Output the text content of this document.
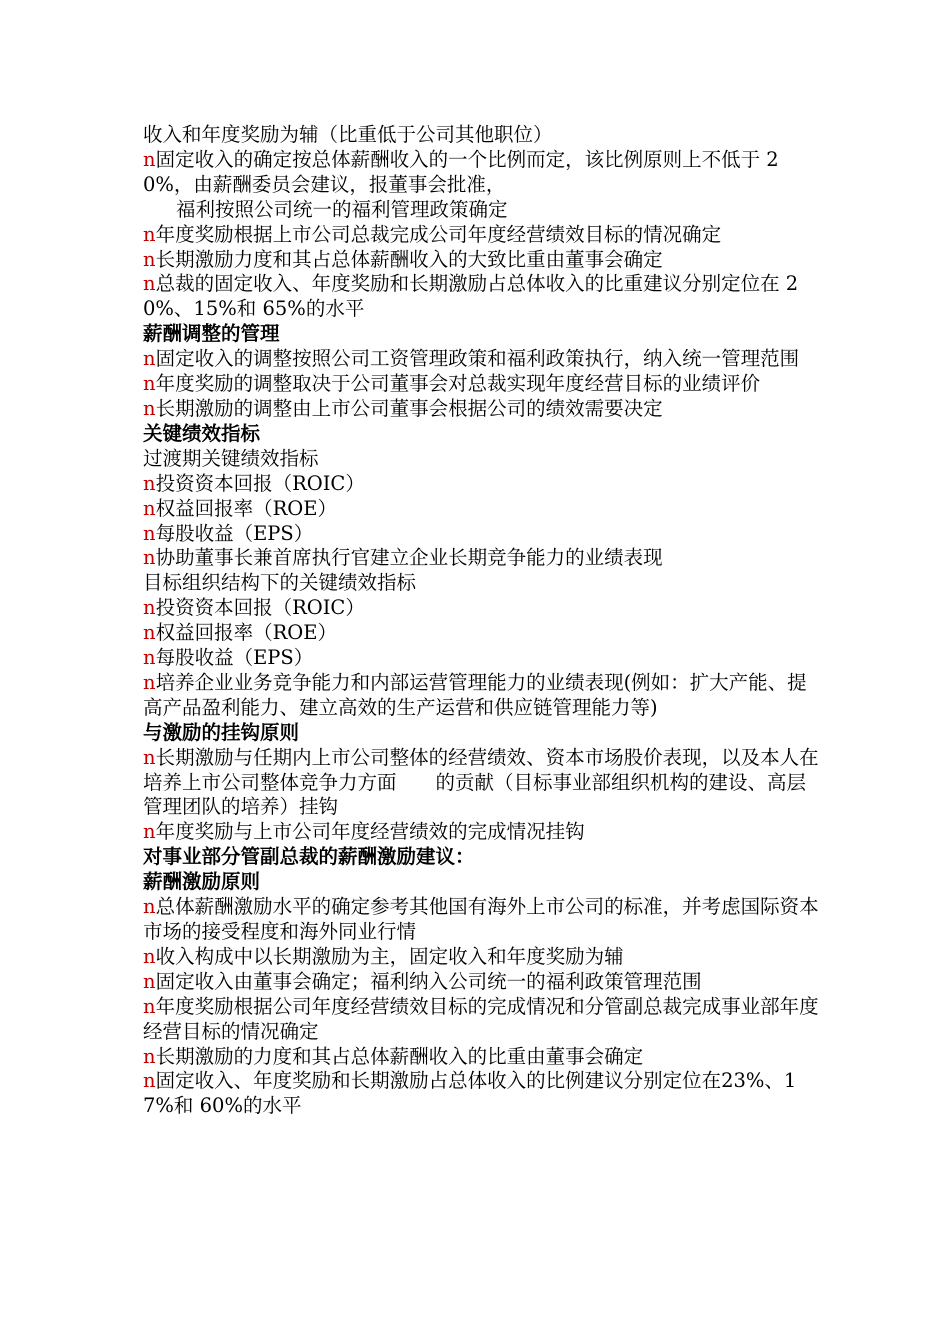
收入和年度奖励为辅（比重低于公司其他职位）

n固定收入的确定按总体薪酬收入的一个比例而定，该比例原则上不低于 20%，由薪酬委员会建议，报董事会批准，

福利按照公司统一的福利管理政策确定

n年度奖励根据上市公司总裁完成公司年度经营绩效目标的情况确定

n长期激励力度和其占总体薪酬收入的大致比重由董事会确定

n总裁的固定收入、年度奖励和长期激励占总体收入的比重建议分别定位在 20%、15%和 65%的水平

薪酬调整的管理

n固定收入的调整按照公司工资管理政策和福利政策执行，纳入统一管理范围

n年度奖励的调整取决于公司董事会对总裁实现年度经营目标的业绩评价

n长期激励的调整由上市公司董事会根据公司的绩效需要决定

关键绩效指标

过渡期关键绩效指标

n投资资本回报（ROIC）

n权益回报率（ROE）

n每股收益（EPS）

n协助董事长兼首席执行官建立企业长期竞争能力的业绩表现

目标组织结构下的关键绩效指标

n投资资本回报（ROIC）

n权益回报率（ROE）

n每股收益（EPS）

n培养企业业务竞争能力和内部运营管理能力的业绩表现(例如：扩大产能、提高产品盈利能力、建立高效的生产运营和供应链管理能力等)

与激励的挂钩原则

n长期激励与任期内上市公司整体的经营绩效、资本市场股价表现，以及本人在培养上市公司整体竞争力方面　　的贡献（目标事业部组织机构的建设、高层管理团队的培养）挂钩

n年度奖励与上市公司年度经营绩效的完成情况挂钩

对事业部分管副总裁的薪酬激励建议：

薪酬激励原则

n总体薪酬激励水平的确定参考其他国有海外上市公司的标准，并考虑国际资本市场的接受程度和海外同业行情

n收入构成中以长期激励为主，固定收入和年度奖励为辅

n固定收入由董事会确定；福利纳入公司统一的福利政策管理范围

n年度奖励根据公司年度经营绩效目标的完成情况和分管副总裁完成事业部年度经营目标的情况确定

n长期激励的力度和其占总体薪酬收入的比重由董事会确定

n固定收入、年度奖励和长期激励占总体收入的比例建议分别定位在23%、17%和 60%的水平
